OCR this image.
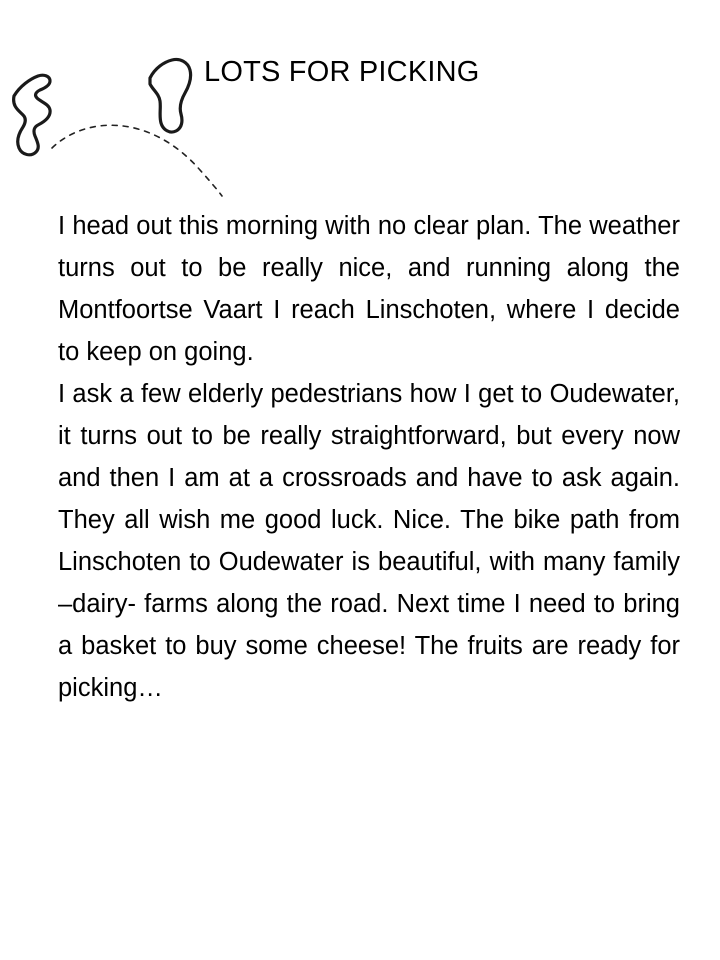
LOTS FOR PICKING

I head out this morning with no clear plan. The weather turns out to be really nice, and running along the Montfoortse Vaart I reach Linschoten, where I decide to keep on going.

I ask a few elderly pedestrians how I get to Oudewater, it turns out to be really straightforward, but every now and then I am at a crossroads and have to ask again. They all wish me good luck. Nice. The bike path from Linschoten to Oudewater is beautiful, with many family –dairy- farms along the road. Next time I need to bring a basket to buy some cheese! The fruits are ready for picking…
